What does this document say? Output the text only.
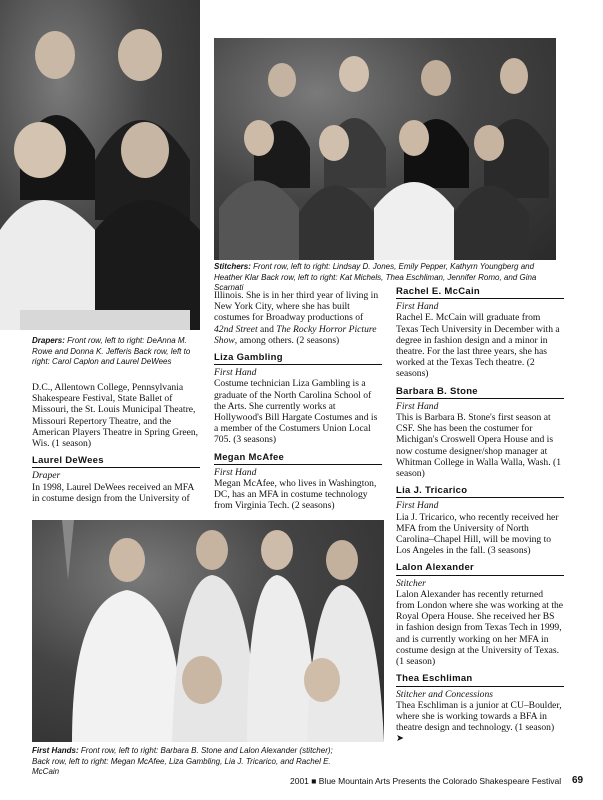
Stitchers: Front row, left to right: Lindsay D. Jones, Emily Pepper, Kathyrn Youngberg and Heather Klar Back row, left to right: Kat Michels, Thea Eschliman, Jennifer Romo, and Gina Scarnati
Drapers: Front row, left to right: DeAnna M. Rowe and Donna K. Jefferis Back row, left to right: Carol Caplon and Laurel DeWees

D.C., Allentown College, Pennsylvania Shakespeare Festival, State Ballet of Missouri, the St. Louis Municipal Theatre, Missouri Repertory Theatre, and the American Players Theatre in Spring Green, Wis. (1 season)

Laurel DeWees

Draper

In 1998, Laurel DeWees received an MFA in costume design from the University of

Illinois. She is in her third year of living in New York City, where she has built costumes for Broadway productions of 42nd Street and The Rocky Horror Picture Show, among others. (2 seasons)

Liza Gambling

First Hand

Costume technician Liza Gambling is a graduate of the North Carolina School of the Arts. She currently works at Hollywood's Bill Hargate Costumes and is a member of the Costumers Union Local 705. (3 seasons)

Megan McAfee

First Hand

Megan McAfee, who lives in Washington, DC, has an MFA in costume technology from Virginia Tech. (2 seasons)

Rachel E. McCain

First Hand

Rachel E. McCain will graduate from Texas Tech University in December with a degree in fashion design and a minor in theatre. For the last three years, she has worked at the Texas Tech theatre. (2 seasons)

Barbara B. Stone

First Hand

This is Barbara B. Stone's first season at CSF. She has been the costumer for Michigan's Croswell Opera House and is now costume designer/shop manager at Whitman College in Walla Walla, Wash. (1 season)

Lia J. Tricarico

First Hand

Lia J. Tricarico, who recently received her MFA from the University of North Carolina–Chapel Hill, will be moving to Los Angeles in the fall. (3 seasons)

Lalon Alexander

Stitcher

Lalon Alexander has recently returned from London where she was working at the Royal Opera House. She received her BS in fashion design from Texas Tech in 1999, and is currently working on her MFA in costume design at the University of Texas. (1 season)

Thea Eschliman

Stitcher and Concessions

Thea Eschliman is a junior at CU–Boulder, where she is working towards a BFA in theatre design and technology. (1 season) ➤

First Hands: Front row, left to right: Barbara B. Stone and Lalon Alexander (stitcher); Back row, left to right: Megan McAfee, Liza Gambling, Lia J. Tricarico, and Rachel E. McCain
2001 ■ Blue Mountain Arts Presents the Colorado Shakespeare Festival 69
